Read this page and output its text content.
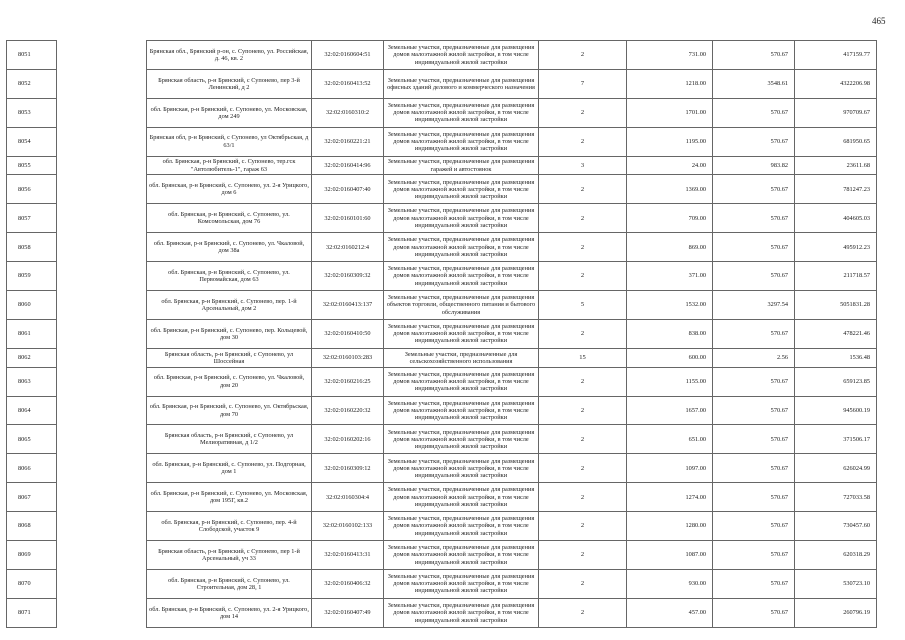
465
8051		Брянская обл., Брянский р-он, с. Супонево, ул. Российская, д. 46, кв. 2	32:02:0160604:51	Земельные участки, предназначенные для размещения домов малоэтажной жилой застройки, в том числе индивидуальной жилой застройки	2	731.00	570.67	417159.77
8052		Брянская область, р-н Брянский, с Супонево, пер 3-й Ленинский, д 2	32:02:0160413:52	Земельные участки, предназначенные для размещения офисных зданий делового и коммерческого назначения	7	1218.00	3548.61	4322206.98
8053		обл. Брянская, р-н Брянский, с. Супонево, ул. Московская, дом 249	32:02:0160310:2	Земельные участки, предназначенные для размещения домов малоэтажной жилой застройки, в том числе индивидуальной жилой застройки	2	1701.00	570.67	970709.67
8054		Брянская обл, р-н Брянский, с Супонево, ул Октябрьская, д 63/1	32:02:0160221:21	Земельные участки, предназначенные для размещения домов малоэтажной жилой застройки, в том числе индивидуальной жилой застройки	2	1195.00	570.67	681950.65
8055		обл. Брянская, р-н Брянский, с. Супонево, тер.гск "Автолюбитель-1", гараж 63	32:02:0160414:96	Земельные участки, предназначенные для размещения гаражей и автостоянок	3	24.00	983.82	23611.68
8056		обл. Брянская, р-н Брянский, с. Супонево, ул. 2-я Урицкого, дом 6	32:02:0160407:40	Земельные участки, предназначенные для размещения домов малоэтажной жилой застройки, в том числе индивидуальной жилой застройки	2	1369.00	570.67	781247.23
8057		обл. Брянская, р-н Брянский, с. Супонево, ул. Комсомольская, дом 76	32:02:0160101:60	Земельные участки, предназначенные для размещения домов малоэтажной жилой застройки, в том числе индивидуальной жилой застройки	2	709.00	570.67	404605.03
8058		обл. Брянская, р-н Брянский, с. Супонево, ул. Чкаловой, дом 38а	32:02:0160212:4	Земельные участки, предназначенные для размещения домов малоэтажной жилой застройки, в том числе индивидуальной жилой застройки	2	869.00	570.67	495912.23
8059		обл. Брянская, р-н Брянский, с. Супонево, ул. Первомайская, дом 63	32:02:0160309:32	Земельные участки, предназначенные для размещения домов малоэтажной жилой застройки, в том числе индивидуальной жилой застройки	2	371.00	570.67	211718.57
8060		обл. Брянская, р-н Брянский, с. Супонево, пер. 1-й Арсенальный, дом 2	32:02:0160413:137	Земельные участки, предназначенные для размещения объектов торговли, общественного питания и бытового обслуживания	5	1532.00	3297.54	5051831.28
8061		обл. Брянская, р-н Брянский, с. Супонево, пер. Кольцевой, дом 30	32:02:0160410:50	Земельные участки, предназначенные для размещения домов малоэтажной жилой застройки, в том числе индивидуальной жилой застройки	2	838.00	570.67	478221.46
8062		Брянская область, р-н Брянский, с Супонево, ул Шоссейная	32:02:0160103:283	Земельные участки, предназначенные для сельскохозяйственного использования	15	600.00	2.56	1536.48
8063		обл. Брянская, р-н Брянский, с. Супонево, ул. Чкаловой, дом 20	32:02:0160216:25	Земельные участки, предназначенные для размещения домов малоэтажной жилой застройки, в том числе индивидуальной жилой застройки	2	1155.00	570.67	659123.85
8064		обл. Брянская, р-н Брянский, с. Супонево, ул. Октябрьская, дом 70	32:02:0160220:32	Земельные участки, предназначенные для размещения домов малоэтажной жилой застройки, в том числе индивидуальной жилой застройки	2	1657.00	570.67	945600.19
8065		Брянская область, р-н Брянский, с Супонево, ул Мелиоративная, д 1/2	32:02:0160202:16	Земельные участки, предназначенные для размещения домов малоэтажной жилой застройки, в том числе индивидуальной жилой застройки	2	651.00	570.67	371506.17
8066		обл. Брянская, р-н Брянский, с. Супонево, ул. Подгорная, дом 1	32:02:0160309:12	Земельные участки, предназначенные для размещения домов малоэтажной жилой застройки, в том числе индивидуальной жилой застройки	2	1097.00	570.67	626024.99
8067		обл. Брянская, р-н Брянский, с. Супонево, ул. Московская, дом 195Г, кв.2	32:02:0160304:4	Земельные участки, предназначенные для размещения домов малоэтажной жилой застройки, в том числе индивидуальной жилой застройки	2	1274.00	570.67	727033.58
8068		обл. Брянская, р-н Брянский, с. Супонево, пер. 4-й Слободской, участок 9	32:02:0160102:133	Земельные участки, предназначенные для размещения домов малоэтажной жилой застройки, в том числе индивидуальной жилой застройки	2	1280.00	570.67	730457.60
8069		Брянская область, р-н Брянский, с Супонево, пер 1-й Арсенальный, уч 33	32:02:0160413:31	Земельные участки, предназначенные для размещения домов малоэтажной жилой застройки, в том числе индивидуальной жилой застройки	2	1087.00	570.67	620318.29
8070		обл. Брянская, р-н Брянский, с. Супонево, ул. Строительная, дом 28, 1	32:02:0160406:32	Земельные участки, предназначенные для размещения домов малоэтажной жилой застройки, в том числе индивидуальной жилой застройки	2	930.00	570.67	530723.10
8071		обл. Брянская, р-н Брянский, с. Супонево, ул. 2-я Урицкого, дом 14	32:02:0160407:49	Земельные участки, предназначенные для размещения домов малоэтажной жилой застройки, в том числе индивидуальной жилой застройки	2	457.00	570.67	260796.19
